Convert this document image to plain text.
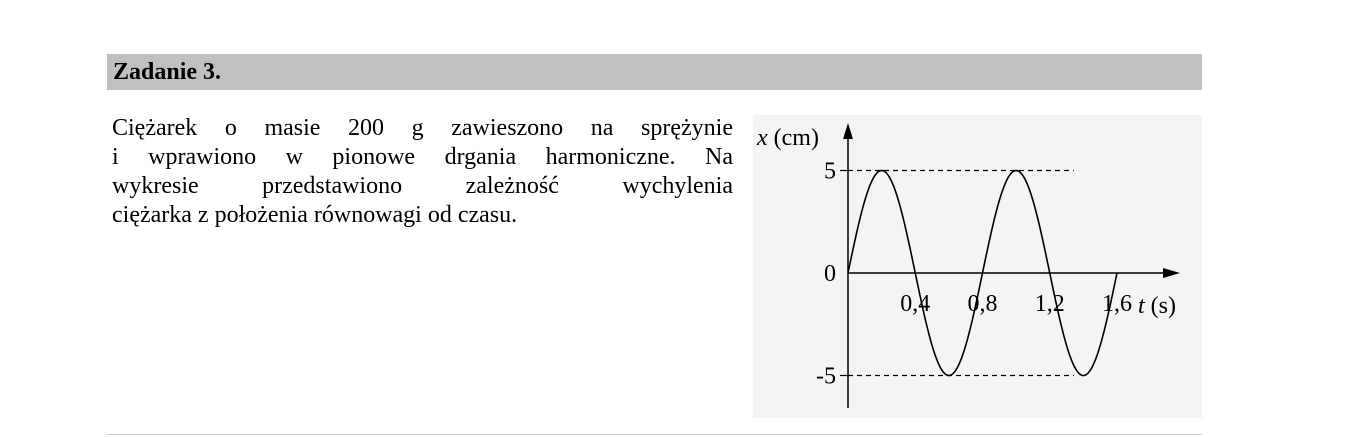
Zadanie 3.
Ciężarek o masie 200 g zawieszono na sprężynie
i wprawiono w pionowe drgania harmoniczne. Na
wykresie przedstawiono zależność wychylenia
ciężarka z położenia równowagi od czasu.
x (cm)
t (s)
5
0
-5
0,4 0,8 1,2 1,6
